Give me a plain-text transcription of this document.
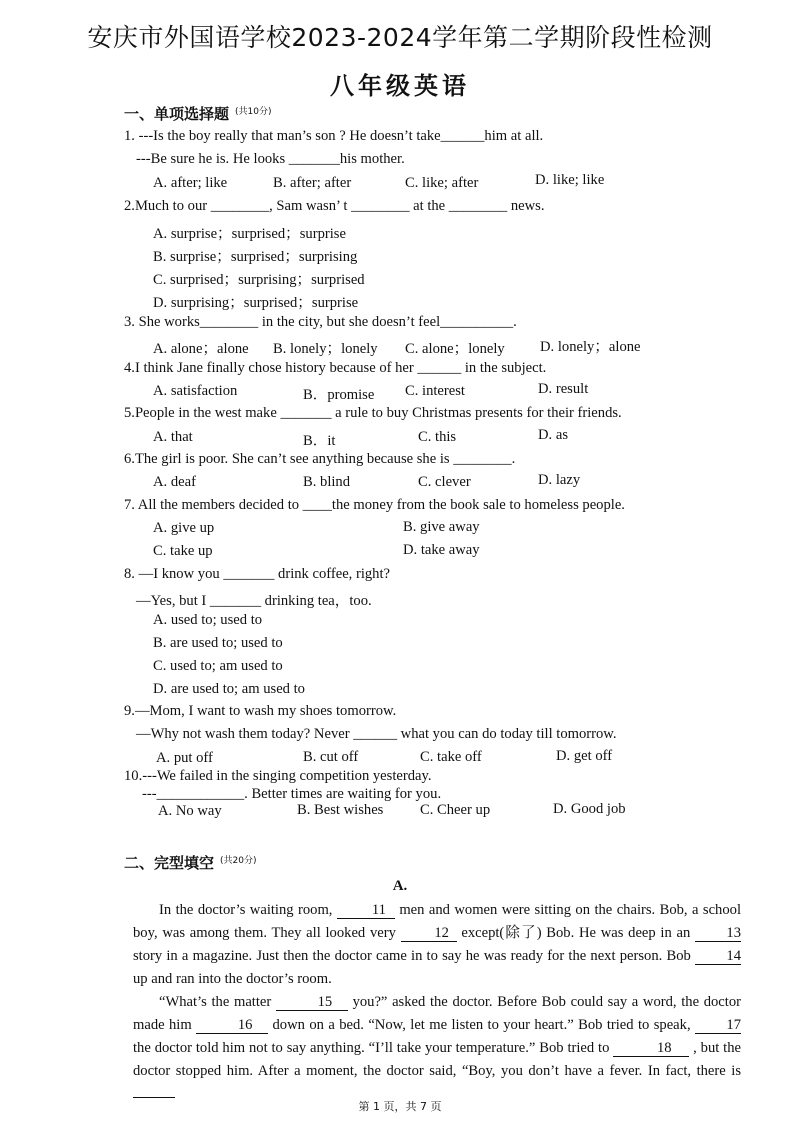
安庆市外国语学校2023-2024学年第二学期阶段性检测
八年级英语
一、单项选择题 $^{(共10分)}$
1. ---Is the boy really that man’s son ? He doesn’t take______him at all.
---Be sure he is. He looks _______his mother.
A. after; like	B. after; after	C. like; after	D. like; like
2.Much to our ________, Sam wasn’ t ________ at the ________ news.
A. surprise；surprised；surprise
B. surprise；surprised；surprising
C. surprised；surprising；surprised
D. surprising；surprised；surprise
3. She works________ in the city, but she doesn’t feel__________.
A. alone；alone B. lonely；lonely C. alone；lonely D. lonely；alone
4.I think Jane finally chose history because of her ______ in the subject.
A. satisfaction	B．promise C. interest	D. result
5.People in the west make _______ a rule to buy Christmas presents for their friends.
A. that	B．it	C. this	D. as
6.The girl is poor. She can’t see anything because she is ________.
A. deaf	B. blind	C. clever	D. lazy
7. All the members decided to ____the money from the book sale to homeless people.
A. give up	B. give away
C. take up	D. take away
8. —I know you _______ drink coffee, right?
—Yes, but I _______ drinking tea，too.
A. used to; used to
B. are used to; used to
C. used to; am used to
D. are used to; am used to
9.—Mom, I want to wash my shoes tomorrow.
—Why not wash them today? Never ______ what you can do today till tomorrow.
A. put off	B. cut off	C. take off	D. get off
10.---We failed in the singing competition yesterday.
---____________. Better times are waiting for you.
A. No way	B. Best wishes	C. Cheer up	D. Good job
二、完型填空 $^{(共20分)}$
A.
In the doctor’s waiting room, 11 men and women were sitting on the chairs. Bob, a school boy, was among them. They all looked very 12 except(除了) Bob. He was deep in an 13 story in a magazine. Just then the doctor came in to say he was ready for the next person. Bob 14 up and ran into the doctor’s room.
“What’s the matter	15 you?” asked the doctor. Before Bob could say a word, the doctor made him	16 down on a bed. “Now, let me listen to your heart.” Bob tried to speak, 17 the doctor told him not to say anything. “I’ll take your temperature.” Bob tried to	18 , but the doctor stopped him. After a moment, the doctor said, “Boy, you don’t have a fever. In fact, there is
第 1 页，共 7 页
